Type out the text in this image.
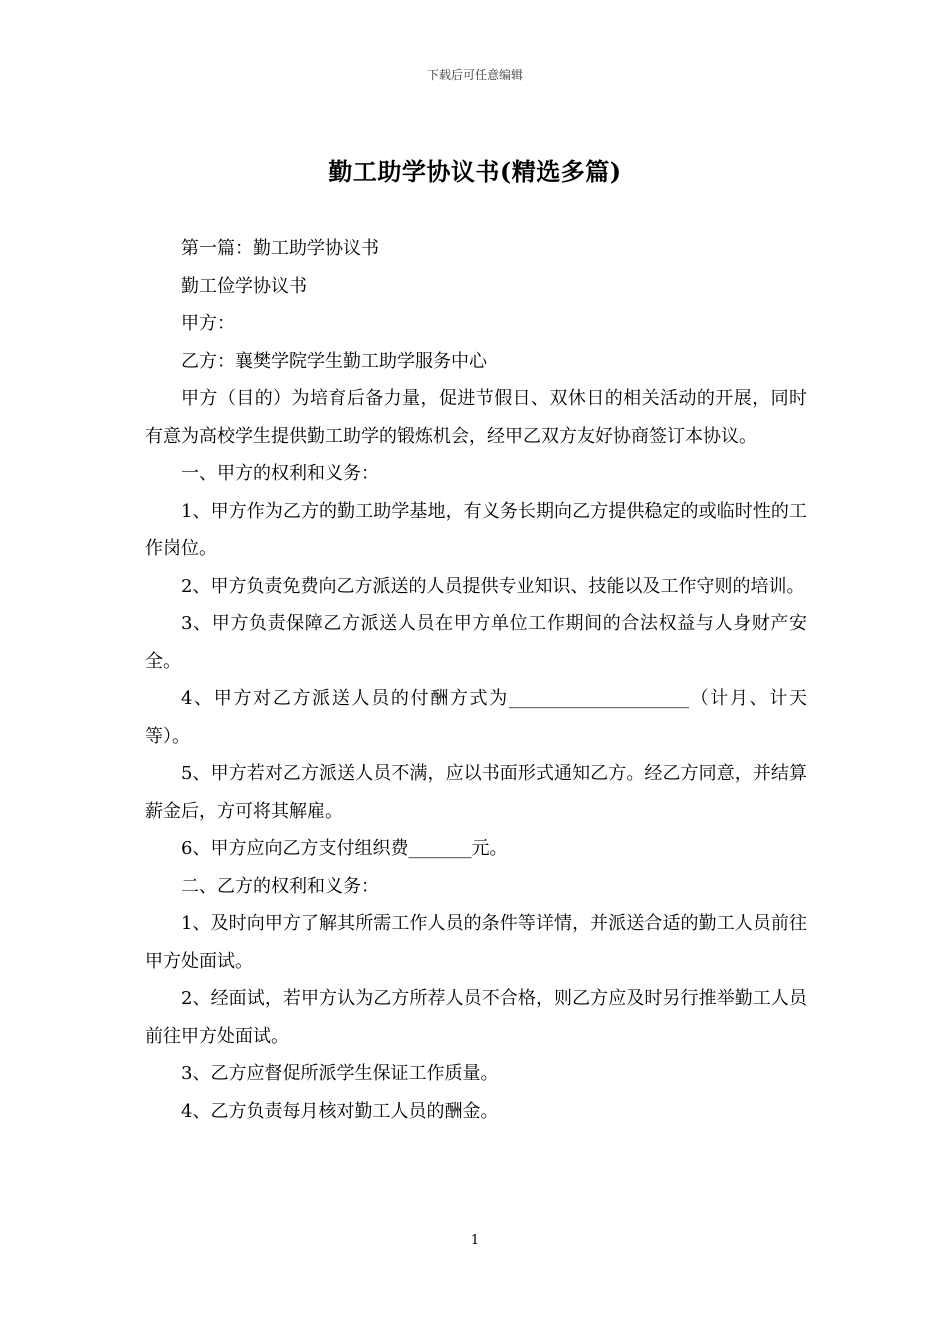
下载后可任意编辑
勤工助学协议书(精选多篇)

第一篇：勤工助学协议书

勤工俭学协议书

甲方：

乙方：襄樊学院学生勤工助学服务中心

甲方（目的）为培育后备力量，促进节假日、双休日的相关活动的开展，同时有意为高校学生提供勤工助学的锻炼机会，经甲乙双方友好协商签订本协议。

一、甲方的权利和义务：

1、甲方作为乙方的勤工助学基地，有义务长期向乙方提供稳定的或临时性的工作岗位。

2、甲方负责免费向乙方派送的人员提供专业知识、技能以及工作守则的培训。

3、甲方负责保障乙方派送人员在甲方单位工作期间的合法权益与人身财产安全。

4、甲方对乙方派送人员的付酬方式为____________________（计月、计天等）。

5、甲方若对乙方派送人员不满，应以书面形式通知乙方。经乙方同意，并结算薪金后，方可将其解雇。

6、甲方应向乙方支付组织费_______元。

二、乙方的权利和义务：

1、及时向甲方了解其所需工作人员的条件等详情，并派送合适的勤工人员前往甲方处面试。

2、经面试，若甲方认为乙方所荐人员不合格，则乙方应及时另行推举勤工人员前往甲方处面试。

3、乙方应督促所派学生保证工作质量。

4、乙方负责每月核对勤工人员的酬金。

1
